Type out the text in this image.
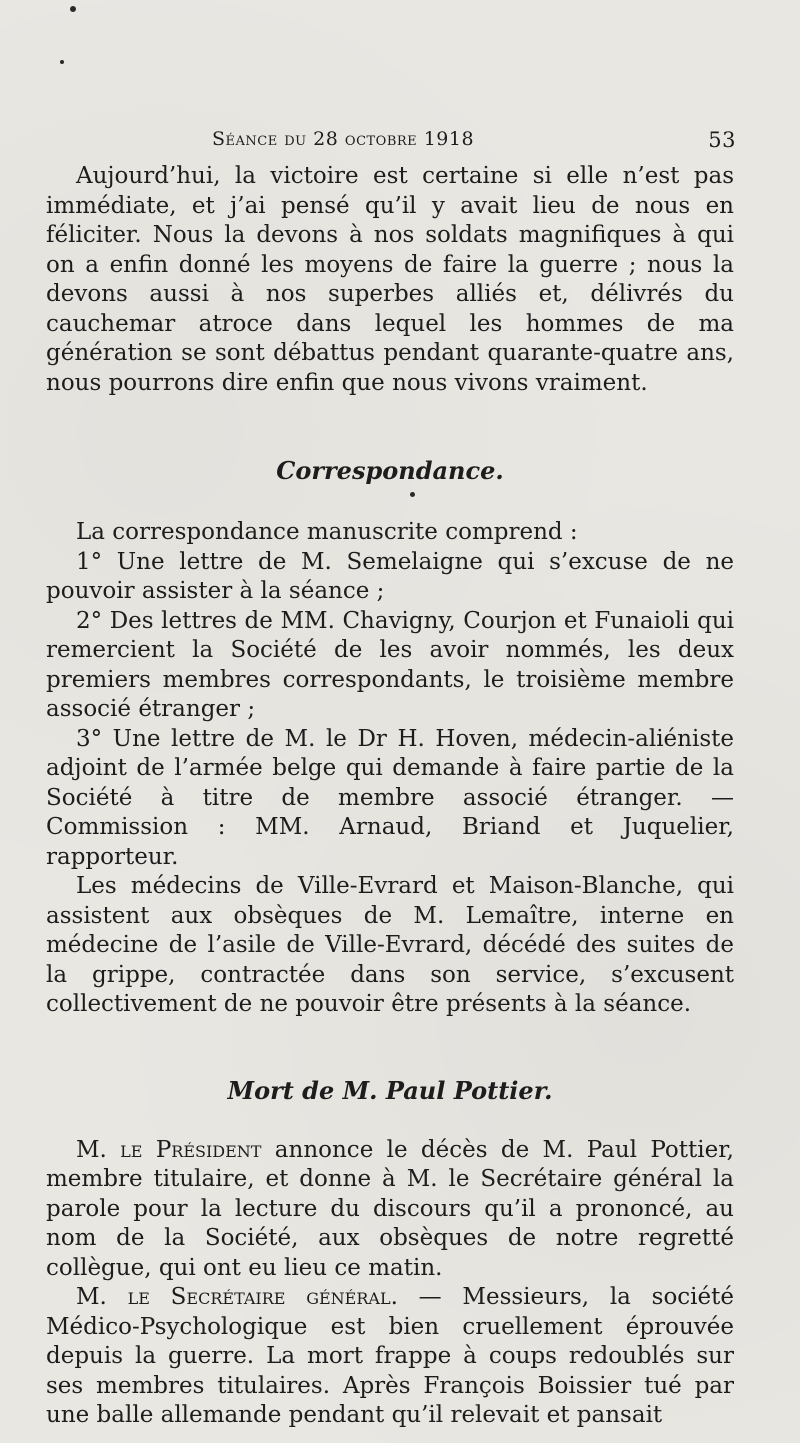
Séance du 28 octobre 1918	53

Aujourd’hui, la victoire est certaine si elle n’est pas immédiate, et j’ai pensé qu’il y avait lieu de nous en féliciter. Nous la devons à nos soldats magnifiques à qui on a enfin donné les moyens de faire la guerre ; nous la devons aussi à nos superbes alliés et, délivrés du cauchemar atroce dans lequel les hommes de ma génération se sont débattus pendant quarante-quatre ans, nous pourrons dire enfin que nous vivons vraiment.

Correspondance.

La correspondance manuscrite comprend :

1° Une lettre de M. Semelaigne qui s’excuse de ne pouvoir assister à la séance ;

2° Des lettres de MM. Chavigny, Courjon et Funaioli qui remercient la Société de les avoir nommés, les deux premiers membres correspondants, le troisième membre associé étranger ;

3° Une lettre de M. le Dr H. Hoven, médecin-aliéniste adjoint de l’armée belge qui demande à faire partie de la Société à titre de membre associé étranger. — Commission : MM. Arnaud, Briand et Juquelier, rapporteur.

Les médecins de Ville-Evrard et Maison-Blanche, qui assistent aux obsèques de M. Lemaître, interne en médecine de l’asile de Ville-Evrard, décédé des suites de la grippe, contractée dans son service, s’excusent collectivement de ne pouvoir être présents à la séance.

Mort de M. Paul Pottier.

M. le Président annonce le décès de M. Paul Pottier, membre titulaire, et donne à M. le Secrétaire général la parole pour la lecture du discours qu’il a prononcé, au nom de la Société, aux obsèques de notre regretté collègue, qui ont eu lieu ce matin.

M. le Secrétaire général. — Messieurs, la société Médico-Psychologique est bien cruellement éprouvée depuis la guerre. La mort frappe à coups redoublés sur ses membres titulaires. Après François Boissier tué par une balle allemande pendant qu’il relevait et pansait
